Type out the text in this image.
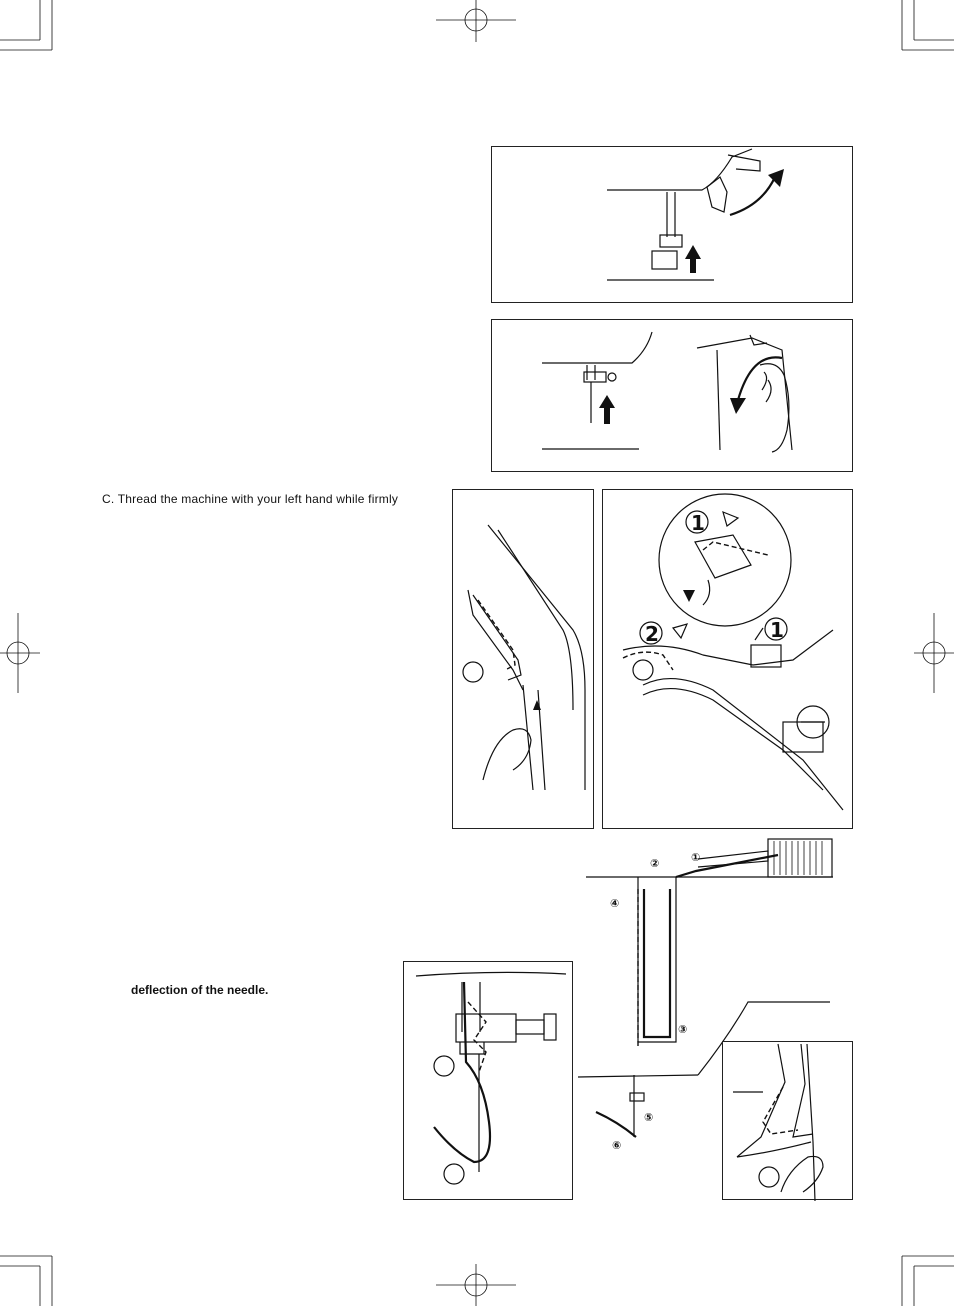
C. Thread the machine with your left hand while firmly
deflection of the needle.
1
2	1
①
②
③
④
⑤
⑥
